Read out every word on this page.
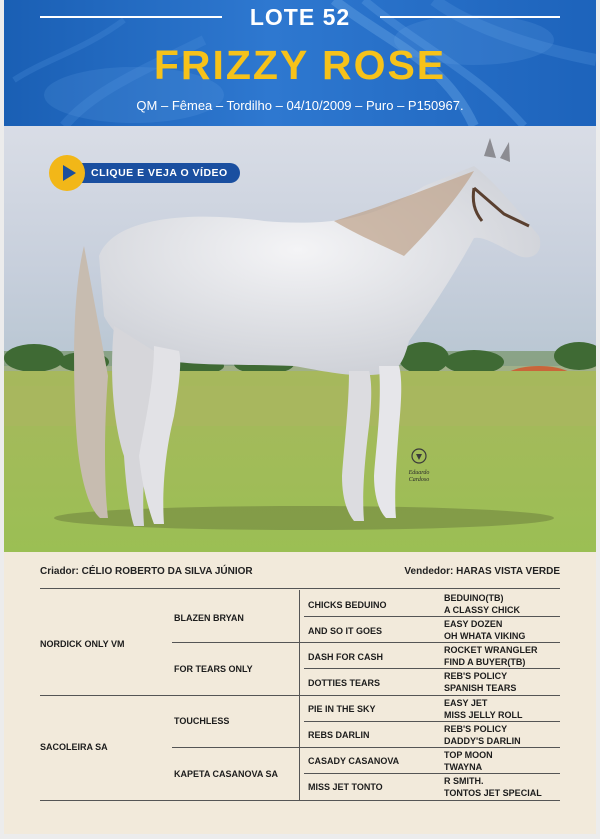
LOTE 52
FRIZZY ROSE
QM – Fêmea – Tordilho – 04/10/2009 – Puro – P150967.
Eduardo
Cardoso
CLIQUE E VEJA O VÍDEO
Criador: CÉLIO ROBERTO DA SILVA JÚNIOR	Vendedor: HARAS VISTA VERDE
NORDICK ONLY VM
SACOLEIRA SA
BLAZEN BRYAN
FOR TEARS ONLY
TOUCHLESS
KAPETA CASANOVA SA
CHICKS BEDUINO
AND SO IT GOES
DASH FOR CASH
DOTTIES TEARS
PIE IN THE SKY
REBS DARLIN
CASADY CASANOVA
MISS JET TONTO
BEDUINO(TB)
A CLASSY CHICK
EASY DOZEN
OH WHATA VIKING
ROCKET WRANGLER
FIND A BUYER(TB)
REB'S POLICY
SPANISH TEARS
EASY JET
MISS JELLY ROLL
REB'S POLICY
DADDY'S DARLIN
TOP MOON
TWAYNA
R SMITH.
TONTOS JET SPECIAL
